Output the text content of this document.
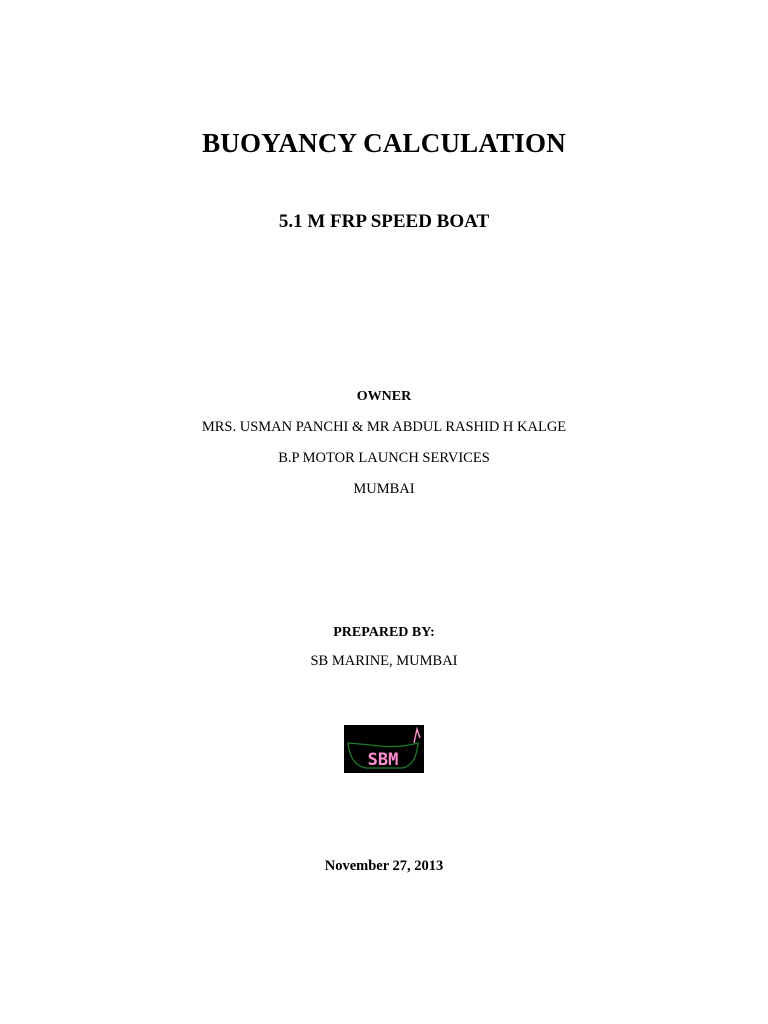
BUOYANCY CALCULATION
5.1 M FRP SPEED BOAT
OWNER
MRS. USMAN PANCHI & MR ABDUL RASHID H KALGE
B.P MOTOR LAUNCH SERVICES
MUMBAI
PREPARED BY:
SB MARINE, MUMBAI
SBM
November 27, 2013
